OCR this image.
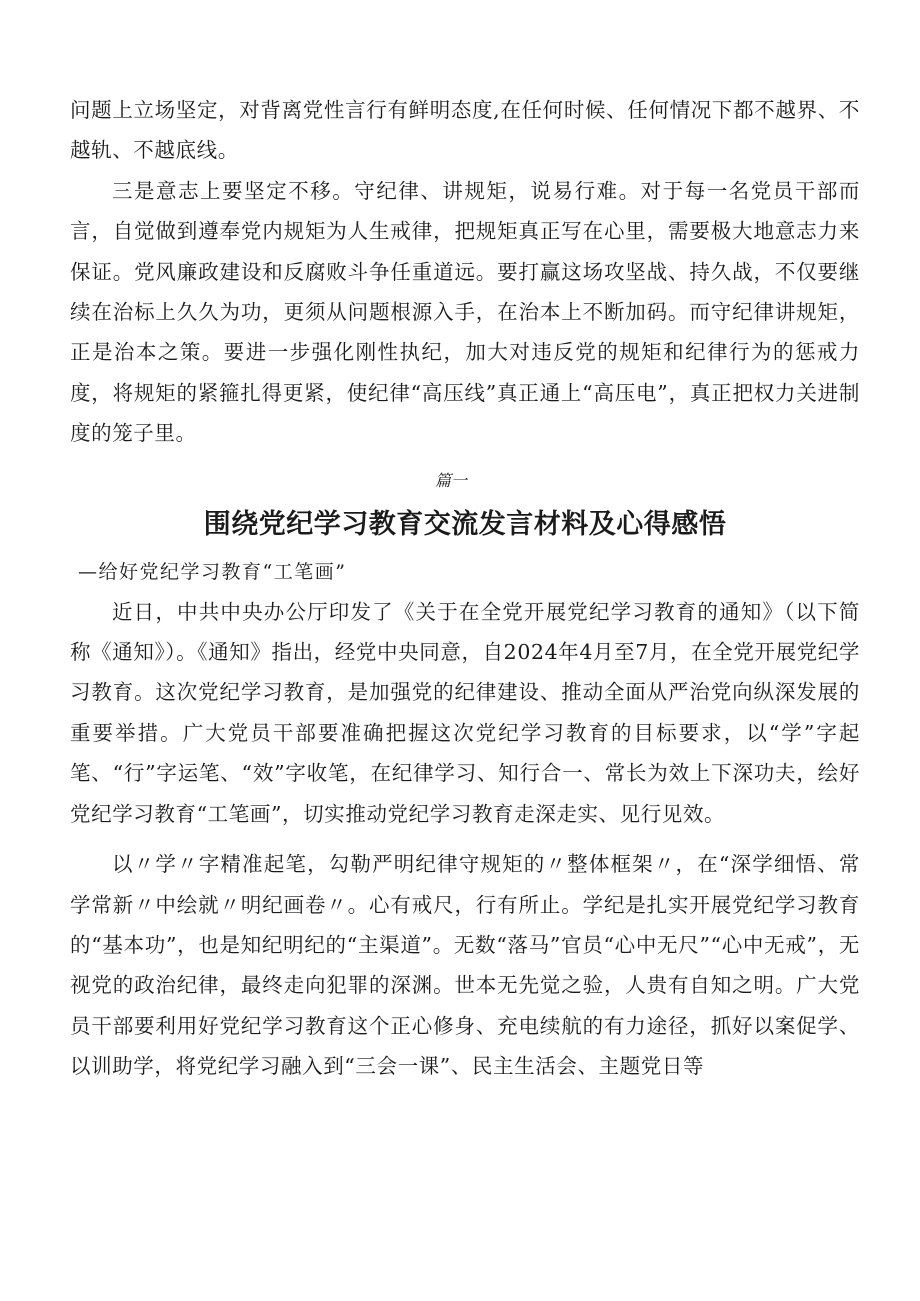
问题上立场坚定，对背离党性言行有鲜明态度,在任何时候、任何情况下都不越界、不越轨、不越底线。

三是意志上要坚定不移。守纪律、讲规矩，说易行难。对于每一名党员干部而言，自觉做到遵奉党内规矩为人生戒律，把规矩真正写在心里，需要极大地意志力来保证。党风廉政建设和反腐败斗争任重道远。要打赢这场攻坚战、持久战，不仅要继续在治标上久久为功，更须从问题根源入手，在治本上不断加码。而守纪律讲规矩，正是治本之策。要进一步强化刚性执纪，加大对违反党的规矩和纪律行为的惩戒力度，将规矩的紧箍扎得更紧，使纪律“高压线”真正通上“高压电”，真正把权力关进制度的笼子里。

篇一
围绕党纪学习教育交流发言材料及心得感悟

—给好党纪学习教育“工笔画”

近日，中共中央办公厅印发了《关于在全党开展党纪学习教育的通知》（以下简称《通知》）。《通知》指出，经党中央同意，自2024年4月至7月，在全党开展党纪学习教育。这次党纪学习教育，是加强党的纪律建设、推动全面从严治党向纵深发展的重要举措。广大党员干部要准确把握这次党纪学习教育的目标要求，以“学”字起笔、“行”字运笔、“效”字收笔，在纪律学习、知行合一、常长为效上下深功夫，绘好党纪学习教育“工笔画”，切实推动党纪学习教育走深走实、见行见效。

以〃学〃字精准起笔，勾勒严明纪律守规矩的〃整体框架〃，在“深学细悟、常学常新〃中绘就〃明纪画卷〃。心有戒尺，行有所止。学纪是扎实开展党纪学习教育的“基本功”，也是知纪明纪的“主渠道”。无数“落马”官员“心中无尺”“心中无戒”，无视党的政治纪律，最终走向犯罪的深渊。世本无先觉之验，人贵有自知之明。广大党员干部要利用好党纪学习教育这个正心修身、充电续航的有力途径，抓好以案促学、以训助学，将党纪学习融入到“三会一课”、民主生活会、主题党日等
